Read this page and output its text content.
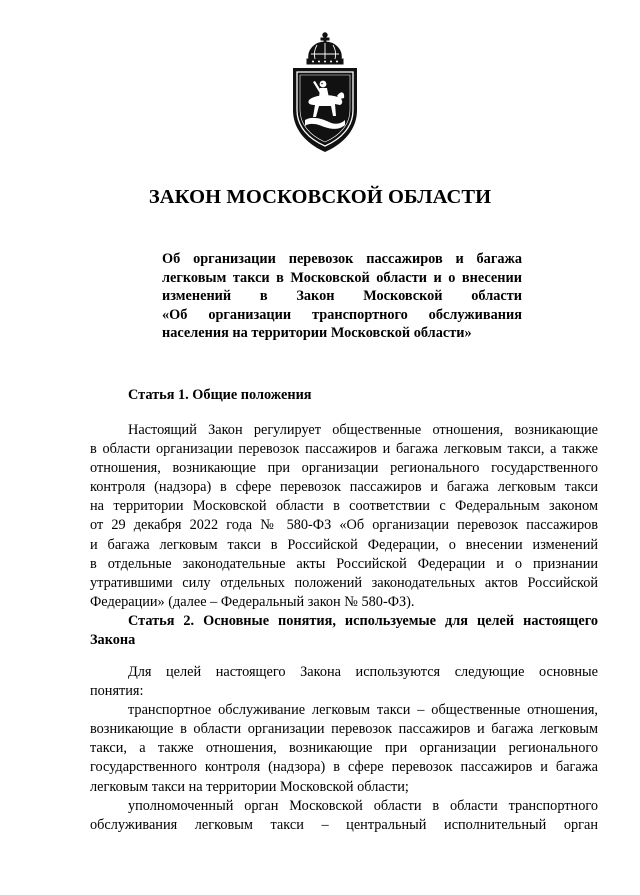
ЗАКОН МОСКОВСКОЙ ОБЛАСТИ
Об организации перевозок пассажиров и багажа
легковым такси в Московской области и о внесении
изменений в Закон Московской области
«Об организации транспортного обслуживания
населения на территории Московской области»
Статья 1. Общие положения
Настоящий Закон регулирует общественные отношения, возникающие
в области организации перевозок пассажиров и багажа легковым такси, а также
отношения, возникающие при организации регионального государственного
контроля (надзора) в сфере перевозок пассажиров и багажа легковым такси
на территории Московской области в соответствии с Федеральным законом
от 29 декабря 2022 года № 580-ФЗ «Об организации перевозок пассажиров
и багажа легковым такси в Российской Федерации, о внесении изменений
в отдельные законодательные акты Российской Федерации и о признании
утратившими силу отдельных положений законодательных актов Российской
Федерации» (далее – Федеральный закон № 580-ФЗ).
Статья 2. Основные понятия, используемые для целей настоящего
Закона
Для целей настоящего Закона используются следующие основные
понятия:
транспортное обслуживание легковым такси – общественные отношения,
возникающие в области организации перевозок пассажиров и багажа легковым
такси, а также отношения, возникающие при организации регионального
государственного контроля (надзора) в сфере перевозок пассажиров и багажа
легковым такси на территории Московской области;
уполномоченный орган Московской области в области транспортного
обслуживания легковым такси – центральный исполнительный орган
